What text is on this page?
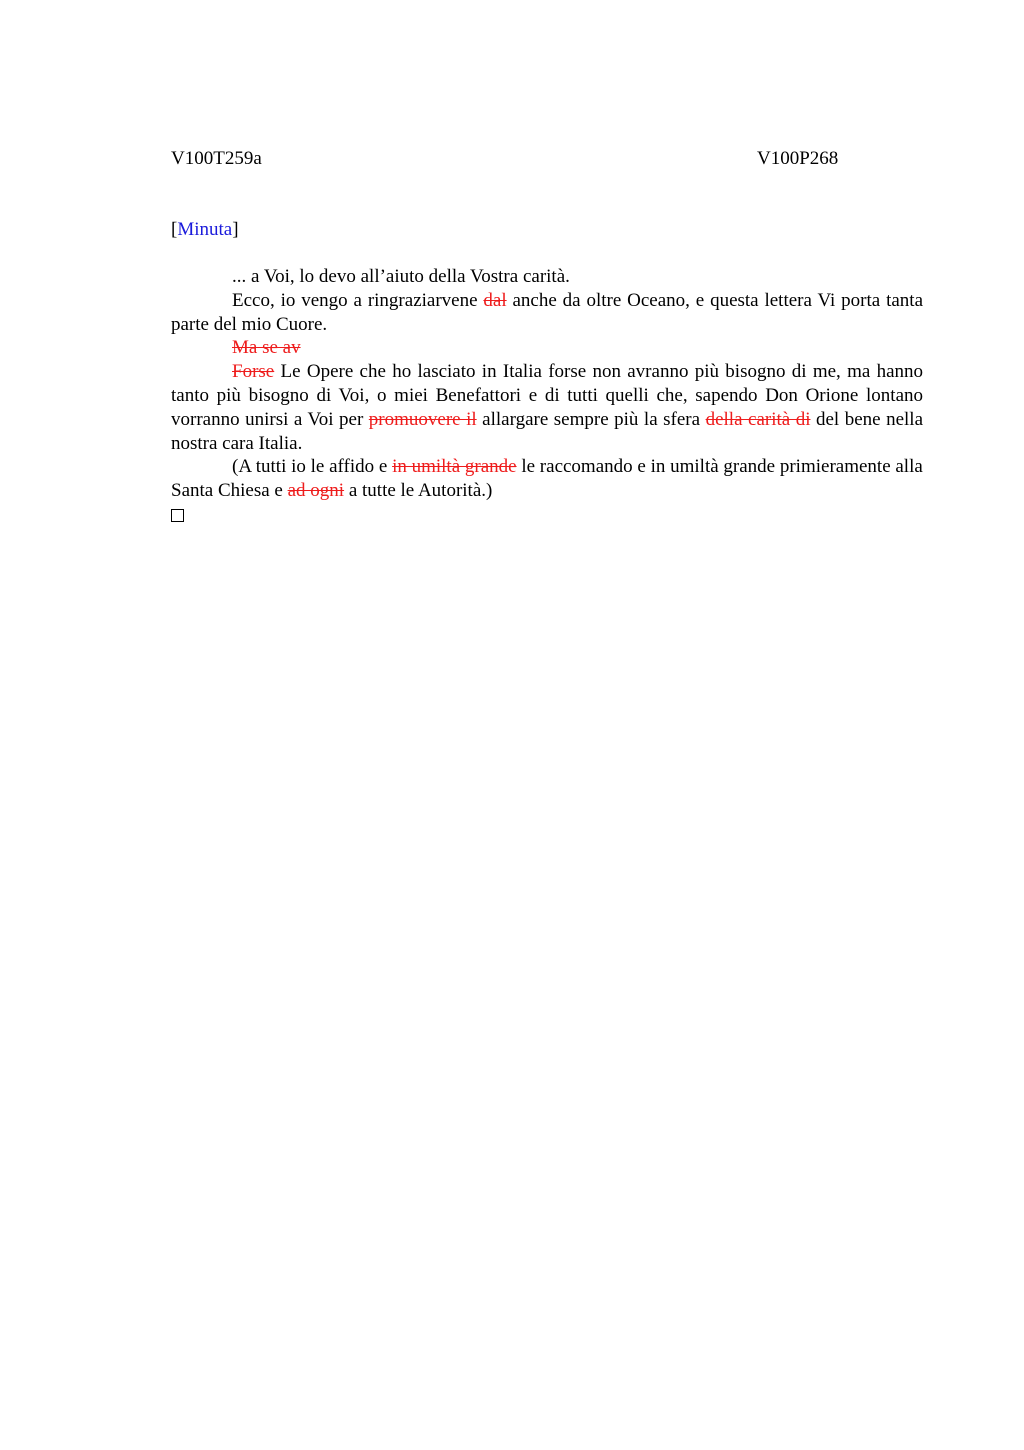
V100T259a	V100P268
[Minuta]

... a Voi, lo devo all’aiuto della Vostra carità.

Ecco, io vengo a ringraziarvene dal anche da oltre Oceano, e questa lettera Vi porta tanta parte del mio Cuore.

Ma se av

Forse Le Opere che ho lasciato in Italia forse non avranno più bisogno di me, ma hanno tanto più bisogno di Voi, o miei Benefattori e di tutti quelli che, sapendo Don Orione lontano vorranno unirsi a Voi per promuovere il allargare sempre più la sfera della carità di del bene nella nostra cara Italia.

(A tutti io le affido e in umiltà grande le raccomando e in umiltà grande primieramente alla Santa Chiesa e ad ogni a tutte le Autorità.)
